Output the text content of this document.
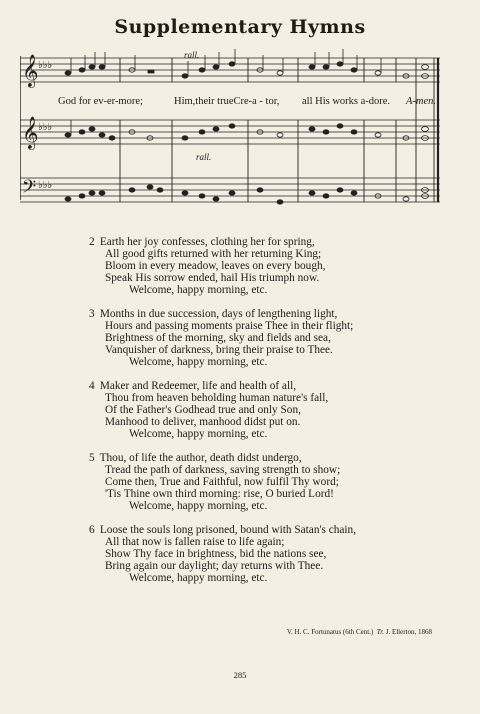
Supplementary Hymns
𝄞
𝄞
𝄢
♭♭♭
♭♭♭
♭♭♭
rall.
rall.
God for ev-er-more;	Him,their trueCre-a - tor, all His works a-dore. A-men.
2 Earth her joy confesses, clothing her for spring,
All good gifts returned with her returning King;
Bloom in every meadow, leaves on every bough,
Speak His sorrow ended, hail His triumph now.
Welcome, happy morning, etc.
3 Months in due succession, days of lengthening light,
Hours and passing moments praise Thee in their flight;
Brightness of the morning, sky and fields and sea,
Vanquisher of darkness, bring their praise to Thee.
Welcome, happy morning, etc.
4 Maker and Redeemer, life and health of all,
Thou from heaven beholding human nature's fall,
Of the Father's Godhead true and only Son,
Manhood to deliver, manhood didst put on.
Welcome, happy morning, etc.
5 Thou, of life the author, death didst undergo,
Tread the path of darkness, saving strength to show;
Come then, True and Faithful, now fulfil Thy word;
'Tis Thine own third morning: rise, O buried Lord!
Welcome, happy morning, etc.
6 Loose the souls long prisoned, bound with Satan's chain,
All that now is fallen raise to life again;
Show Thy face in brightness, bid the nations see,
Bring again our daylight; day returns with Thee.
Welcome, happy morning, etc.
V. H. C. Fortunatus (6th Cent.) Tr. J. Ellerton, 1868
285
